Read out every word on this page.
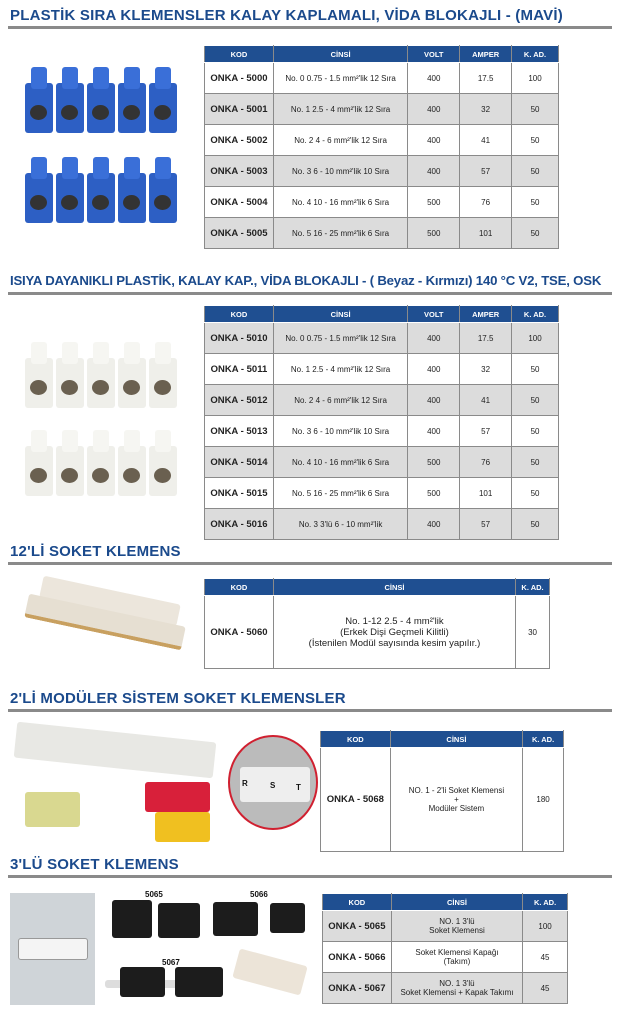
PLASTİK SIRA KLEMENSLER KALAY KAPLAMALI, VİDA BLOKAJLI - (MAVİ)
ISIYA DAYANIKLI PLASTİK, KALAY KAP., VİDA BLOKAJLI - ( Beyaz - Kırmızı) 140 °C V2, TSE, OSK
12'Lİ SOKET KLEMENS
2'Lİ MODÜLER SİSTEM SOKET KLEMENSLER
3'LÜ SOKET KLEMENS
KOD	CİNSİ	VOLT	AMPER	K. AD.
ONKA - 5000	No. 0 0.75 - 1.5 mm²'lik 12 Sıra	400	17.5	100
ONKA - 5001	No. 1 2.5 - 4 mm²'lik 12 Sıra	400	32	50
ONKA - 5002	No. 2 4 - 6 mm²'lik 12 Sıra	400	41	50
ONKA - 5003	No. 3 6 - 10 mm²'lik 10 Sıra	400	57	50
ONKA - 5004	No. 4 10 - 16 mm²'lik 6 Sıra	500	76	50
ONKA - 5005	No. 5 16 - 25 mm²'lik 6 Sıra	500	101	50
KOD	CİNSİ	VOLT	AMPER	K. AD.
ONKA - 5010	No. 0 0.75 - 1.5 mm²'lik 12 Sıra	400	17.5	100
ONKA - 5011	No. 1 2.5 - 4 mm²'lik 12 Sıra	400	32	50
ONKA - 5012	No. 2 4 - 6 mm²'lik 12 Sıra	400	41	50
ONKA - 5013	No. 3 6 - 10 mm²'lik 10 Sıra	400	57	50
ONKA - 5014	No. 4 10 - 16 mm²'lik 6 Sıra	500	76	50
ONKA - 5015	No. 5 16 - 25 mm²'lik 6 Sıra	500	101	50
ONKA - 5016	No. 3 3'lü 6 - 10 mm²'lik	400	57	50
KOD	CİNSİ	K. AD.
ONKA - 5060	No. 1-12 2.5 - 4 mm²'lik
(Erkek Dişi Geçmeli Kilitli)
(İstenilen Modül sayısında kesim yapılır.)	30
KOD	CİNSİ	K. AD.
ONKA - 5068	NO. 1 - 2'li Soket Klemensi
+
Modüler Sistem	180
KOD	CİNSİ	K. AD.
ONKA - 5065	NO. 1 3'lü
Soket Klemensi	100
ONKA - 5066	Soket Klemensi Kapağı
(Takım)	45
ONKA - 5067	NO. 1 3'lü
Soket Klemensi + Kapak Takımı	45
R	S	T
5065	5066
5067
